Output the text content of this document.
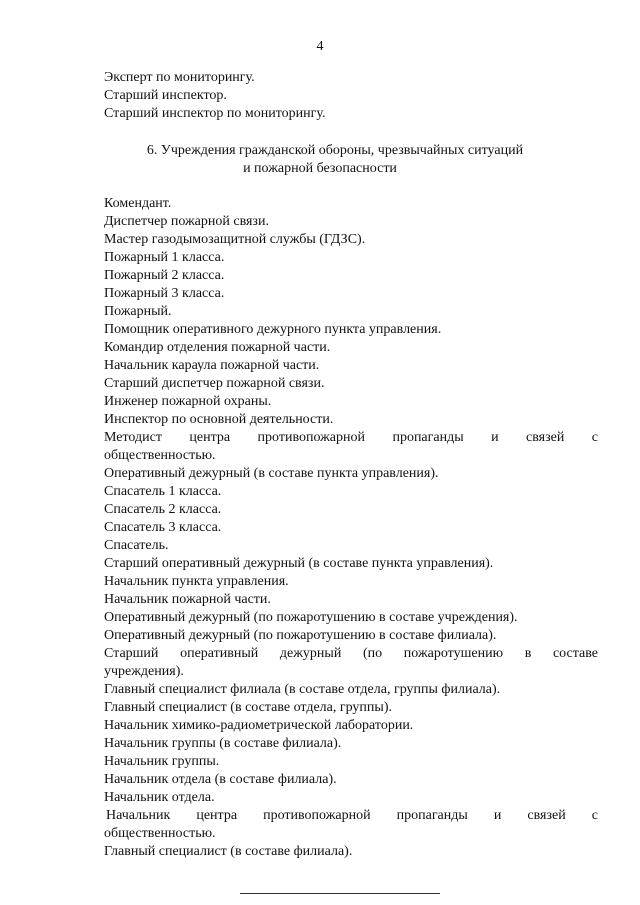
4
Эксперт по мониторингу.
Старший инспектор.
Старший инспектор по мониторингу.
6. Учреждения гражданской обороны, чрезвычайных ситуаций
и пожарной безопасности
Комендант.
Диспетчер пожарной связи.
Мастер газодымозащитной службы (ГДЗС).
Пожарный 1 класса.
Пожарный 2 класса.
Пожарный 3 класса.
Пожарный.
Помощник оперативного дежурного пункта управления.
Командир отделения пожарной части.
Начальник караула пожарной части.
Старший диспетчер пожарной связи.
Инженер пожарной охраны.
Инспектор по основной деятельности.
Методист центра противопожарной пропаганды и связей с
общественностью.
Оперативный дежурный (в составе пункта управления).
Спасатель 1 класса.
Спасатель 2 класса.
Спасатель 3 класса.
Спасатель.
Старший оперативный дежурный (в составе пункта управления).
Начальник пункта управления.
Начальник пожарной части.
Оперативный дежурный (по пожаротушению в составе учреждения).
Оперативный дежурный (по пожаротушению в составе филиала).
Старший оперативный дежурный (по пожаротушению в составе
учреждения).
Главный специалист филиала (в составе отдела, группы филиала).
Главный специалист (в составе отдела, группы).
Начальник химико-радиометрической лаборатории.
Начальник группы (в составе филиала).
Начальник группы.
Начальник отдела (в составе филиала).
Начальник отдела.
Начальник центра противопожарной пропаганды и связей с
общественностью.
Главный специалист (в составе филиала).
